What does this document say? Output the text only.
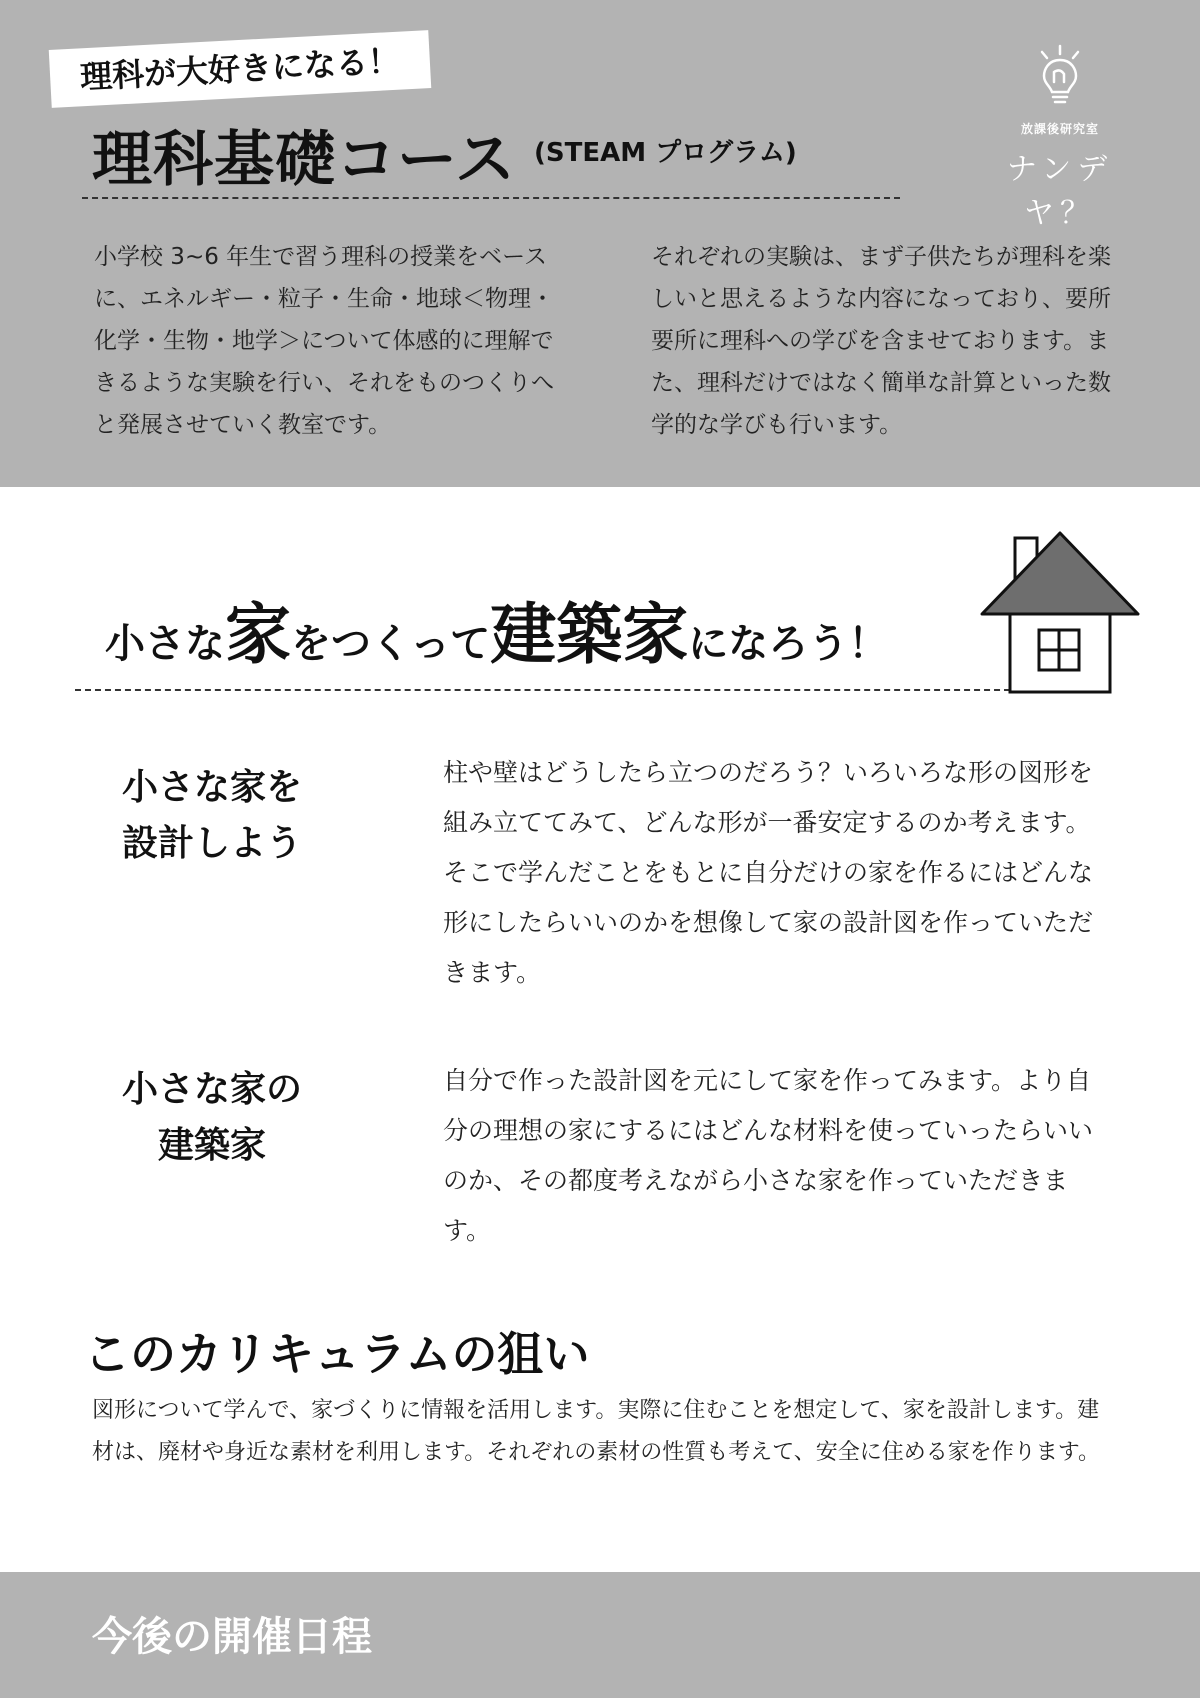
理科が大好きになる！
理科基礎コース (STEAM プログラム)
放課後研究室
ナンデヤ？
小学校 3~6 年生で習う理科の授業をベースに、エネルギー・粒子・生命・地球＜物理・化学・生物・地学＞について体感的に理解できるような実験を行い、それをものつくりへと発展させていく教室です。
それぞれの実験は、まず子供たちが理科を楽しいと思えるような内容になっており、要所要所に理科への学びを含ませております。また、理科だけではなく簡単な計算といった数学的な学びも行います。
小さな家をつくって建築家になろう！
小さな家を
設計しよう
柱や壁はどうしたら立つのだろう？いろいろな形の図形を組み立ててみて、どんな形が一番安定するのか考えます。そこで学んだことをもとに自分だけの家を作るにはどんな形にしたらいいのかを想像して家の設計図を作っていただきます。
小さな家の
建築家
自分で作った設計図を元にして家を作ってみます。より自分の理想の家にするにはどんな材料を使っていったらいいのか、その都度考えながら小さな家を作っていただきます。
このカリキュラムの狙い
図形について学んで、家づくりに情報を活用します。実際に住むことを想定して、家を設計します。建材は、廃材や身近な素材を利用します。それぞれの素材の性質も考えて、安全に住める家を作ります。
今後の開催日程
